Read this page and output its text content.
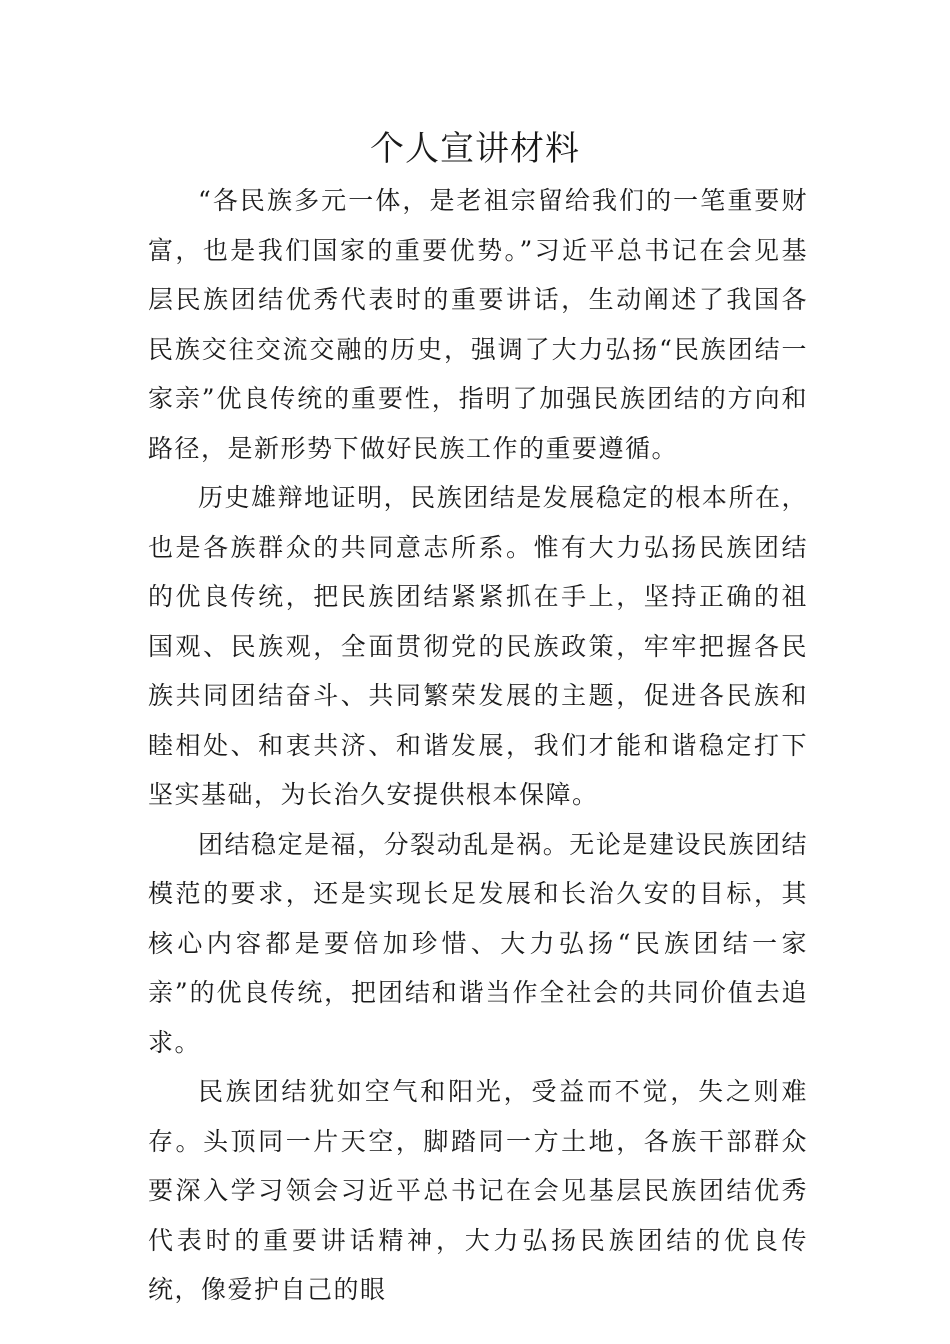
个人宣讲材料

“各民族多元一体，是老祖宗留给我们的一笔重要财富，也是我们国家的重要优势。”习近平总书记在会见基层民族团结优秀代表时的重要讲话，生动阐述了我国各民族交往交流交融的历史，强调了大力弘扬“民族团结一家亲”优良传统的重要性，指明了加强民族团结的方向和路径，是新形势下做好民族工作的重要遵循。

历史雄辩地证明，民族团结是发展稳定的根本所在，也是各族群众的共同意志所系。惟有大力弘扬民族团结的优良传统，把民族团结紧紧抓在手上，坚持正确的祖国观、民族观，全面贯彻党的民族政策，牢牢把握各民族共同团结奋斗、共同繁荣发展的主题，促进各民族和睦相处、和衷共济、和谐发展，我们才能和谐稳定打下坚实基础，为长治久安提供根本保障。

团结稳定是福，分裂动乱是祸。无论是建设民族团结模范的要求，还是实现长足发展和长治久安的目标，其核心内容都是要倍加珍惜、大力弘扬“民族团结一家亲”的优良传统，把团结和谐当作全社会的共同价值去追求。

民族团结犹如空气和阳光，受益而不觉，失之则难存。头顶同一片天空，脚踏同一方土地，各族干部群众要深入学习领会习近平总书记在会见基层民族团结优秀代表时的重要讲话精神，大力弘扬民族团结的优良传统，像爱护自己的眼
